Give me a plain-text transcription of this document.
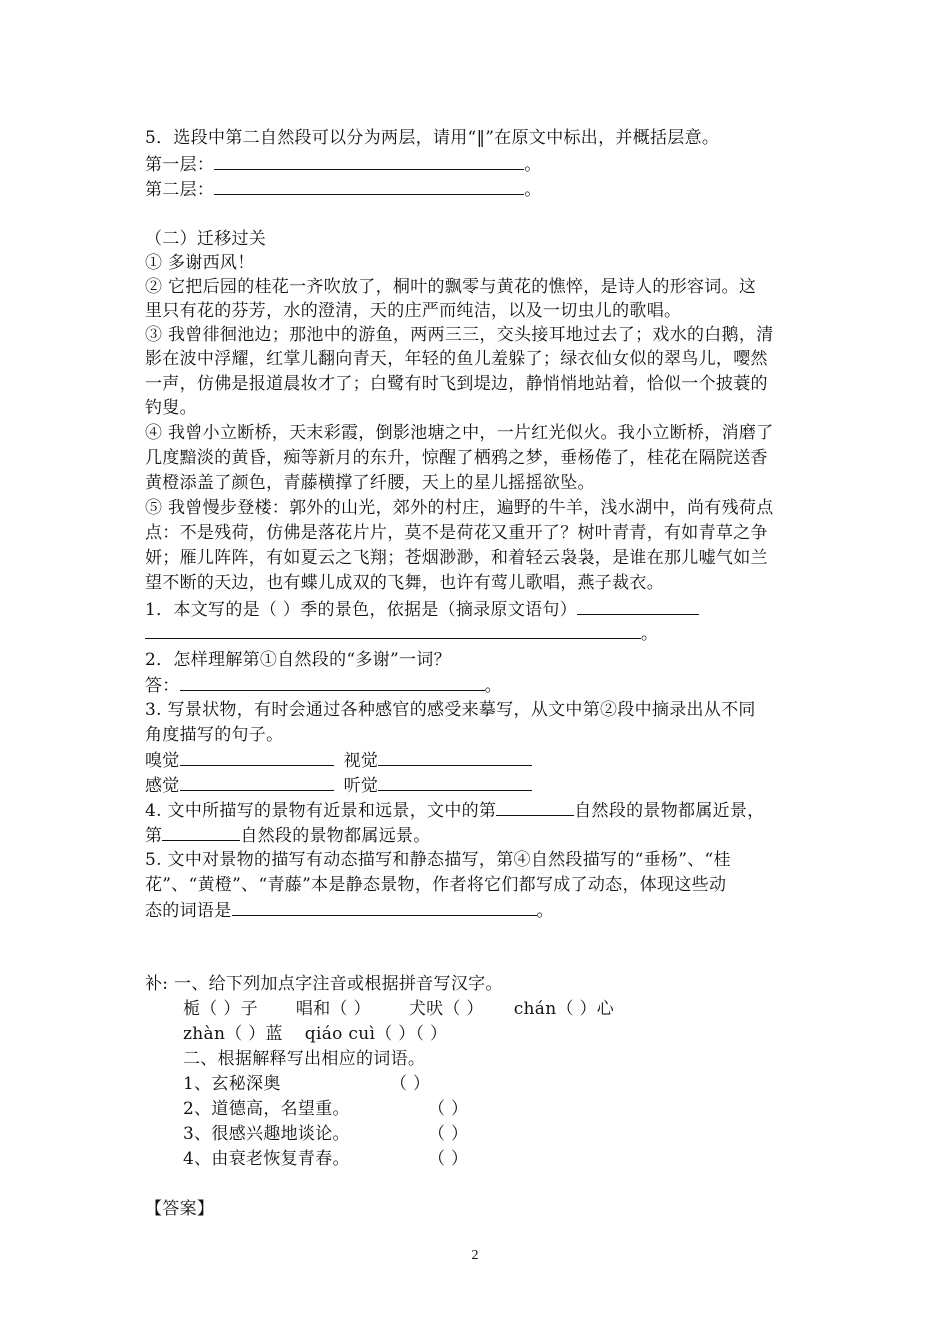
5．选段中第二自然段可以分为两层，请用“‖”在原文中标出，并概括层意。
第一层：	。
第二层：	。
（二）迁移过关
① 多谢西风！
② 它把后园的桂花一齐吹放了，桐叶的飘零与黄花的憔悴，是诗人的形容词。这
里只有花的芬芳，水的澄清，天的庄严而纯洁，以及一切虫儿的歌唱。
③ 我曾徘徊池边；那池中的游鱼，两两三三，交头接耳地过去了；戏水的白鹅，清
影在波中浮耀，红掌儿翻向青天，年轻的鱼儿羞躲了；绿衣仙女似的翠鸟儿，嘤然
一声，仿佛是报道晨妆才了；白鹭有时飞到堤边，静悄悄地站着，恰似一个披蓑的
钓叟。
④ 我曾小立断桥，天末彩霞，倒影池塘之中，一片红光似火。我小立断桥，消磨了
几度黯淡的黄昏，痴等新月的东升，惊醒了栖鸦之梦，垂杨倦了，桂花在隔院送香
黄橙添盖了颜色，青藤横撑了纤腰，天上的星儿摇摇欲坠。
⑤ 我曾慢步登楼：郭外的山光，郊外的村庄，遍野的牛羊，浅水湖中，尚有残荷点
点：不是残荷，仿佛是落花片片，莫不是荷花又重开了？树叶青青，有如青草之争
妍；雁儿阵阵，有如夏云之飞翔；苍烟渺渺，和着轻云袅袅，是谁在那儿嘘气如兰
望不断的天边，也有蝶儿成双的飞舞，也许有莺儿歌唱，燕子裁衣。
1．本文写的是（ ）季的景色，依据是（摘录原文语句）
。
2．怎样理解第①自然段的“多谢”一词？
答：	。
3. 写景状物，有时会通过各种感官的感受来摹写，从文中第②段中摘录出从不同
角度描写的句子。
嗅觉	视觉
感觉	听觉
4. 文中所描写的景物有近景和远景，文中的第	自然段的景物都属近景，
第	自然段的景物都属远景。
5. 文中对景物的描写有动态描写和静态描写，第④自然段描写的“垂杨”、“桂
花”、“黄橙”、“青藤”本是静态景物，作者将它们都写成了动态，体现这些动
态的词语是	。
补: 一、给下列加点字注音或根据拼音写汉字。
栀（ ）子 唱和（ ） 犬吠（ ） chán（ ）心
zhàn（ ）蓝 qiáo cuì（ ）（ ）
二、根据解释写出相应的词语。
1、玄秘深奥	（ ）
2、道德高，名望重。	（ ）
3、很感兴趣地谈论。	（ ）
4、由衰老恢复青春。	（ ）
【答案】
2
